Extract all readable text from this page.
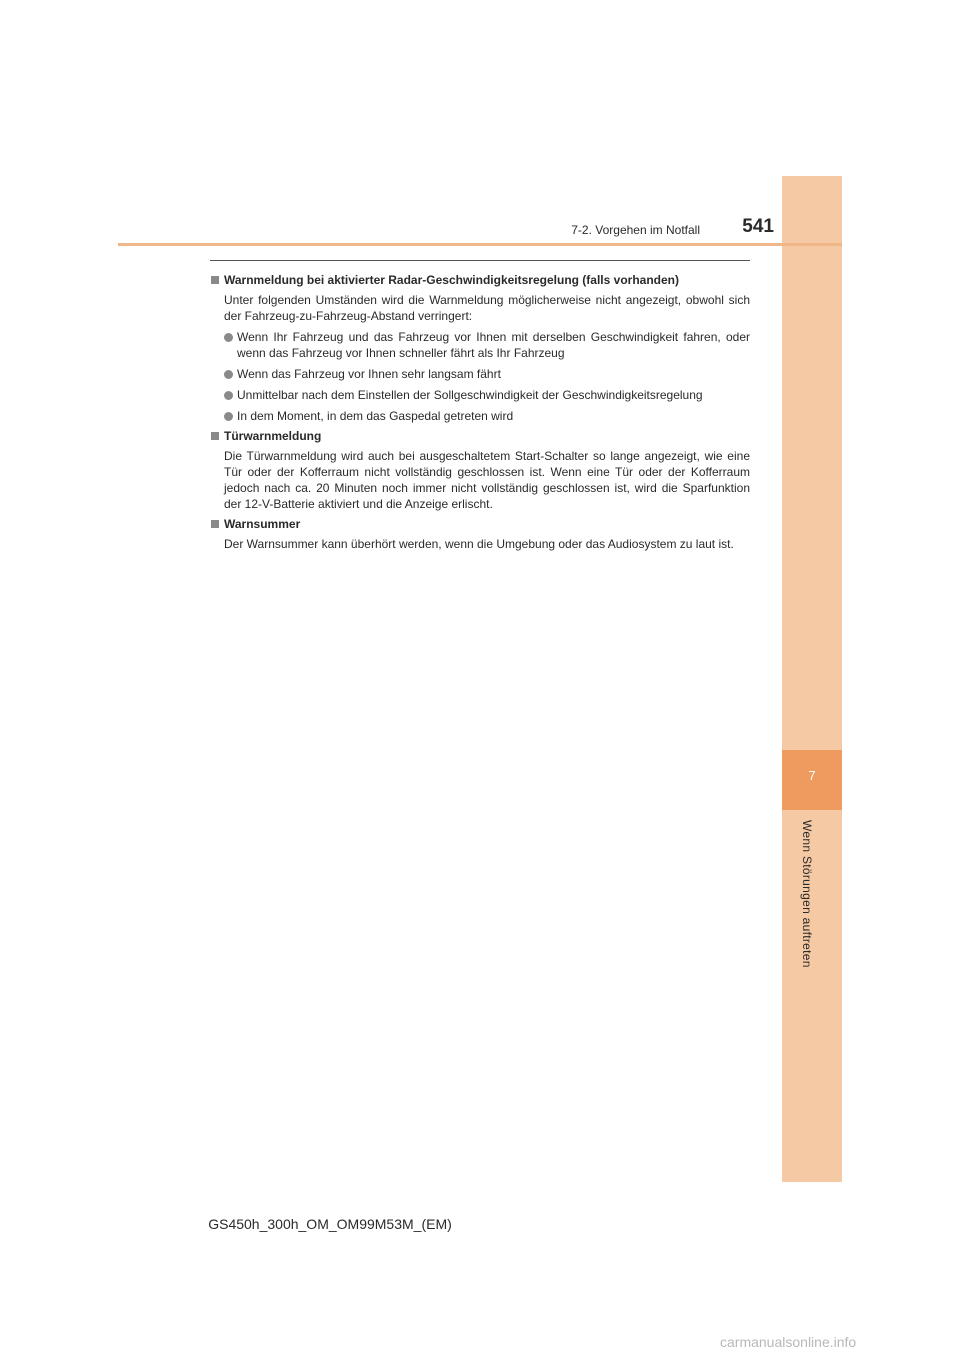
7
Wenn Störungen auftreten
7-2. Vorgehen im Notfall	541
Warnmeldung bei aktivierter Radar-Geschwindigkeitsregelung (falls vorhanden)
Unter folgenden Umständen wird die Warnmeldung möglicherweise nicht angezeigt, obwohl sich der Fahrzeug-zu-Fahrzeug-Abstand verringert:
Wenn Ihr Fahrzeug und das Fahrzeug vor Ihnen mit derselben Geschwindigkeit fahren, oder wenn das Fahrzeug vor Ihnen schneller fährt als Ihr Fahrzeug
Wenn das Fahrzeug vor Ihnen sehr langsam fährt
Unmittelbar nach dem Einstellen der Sollgeschwindigkeit der Geschwindigkeitsregelung
In dem Moment, in dem das Gaspedal getreten wird
Türwarnmeldung
Die Türwarnmeldung wird auch bei ausgeschaltetem Start-Schalter so lange angezeigt, wie eine Tür oder der Kofferraum nicht vollständig geschlossen ist. Wenn eine Tür oder der Kofferraum jedoch nach ca. 20 Minuten noch immer nicht vollständig geschlossen ist, wird die Sparfunktion der 12-V-Batterie aktiviert und die Anzeige erlischt.
Warnsummer
Der Warnsummer kann überhört werden, wenn die Umgebung oder das Audiosystem zu laut ist.
GS450h_300h_OM_OM99M53M_(EM)
carmanualsonline.info
